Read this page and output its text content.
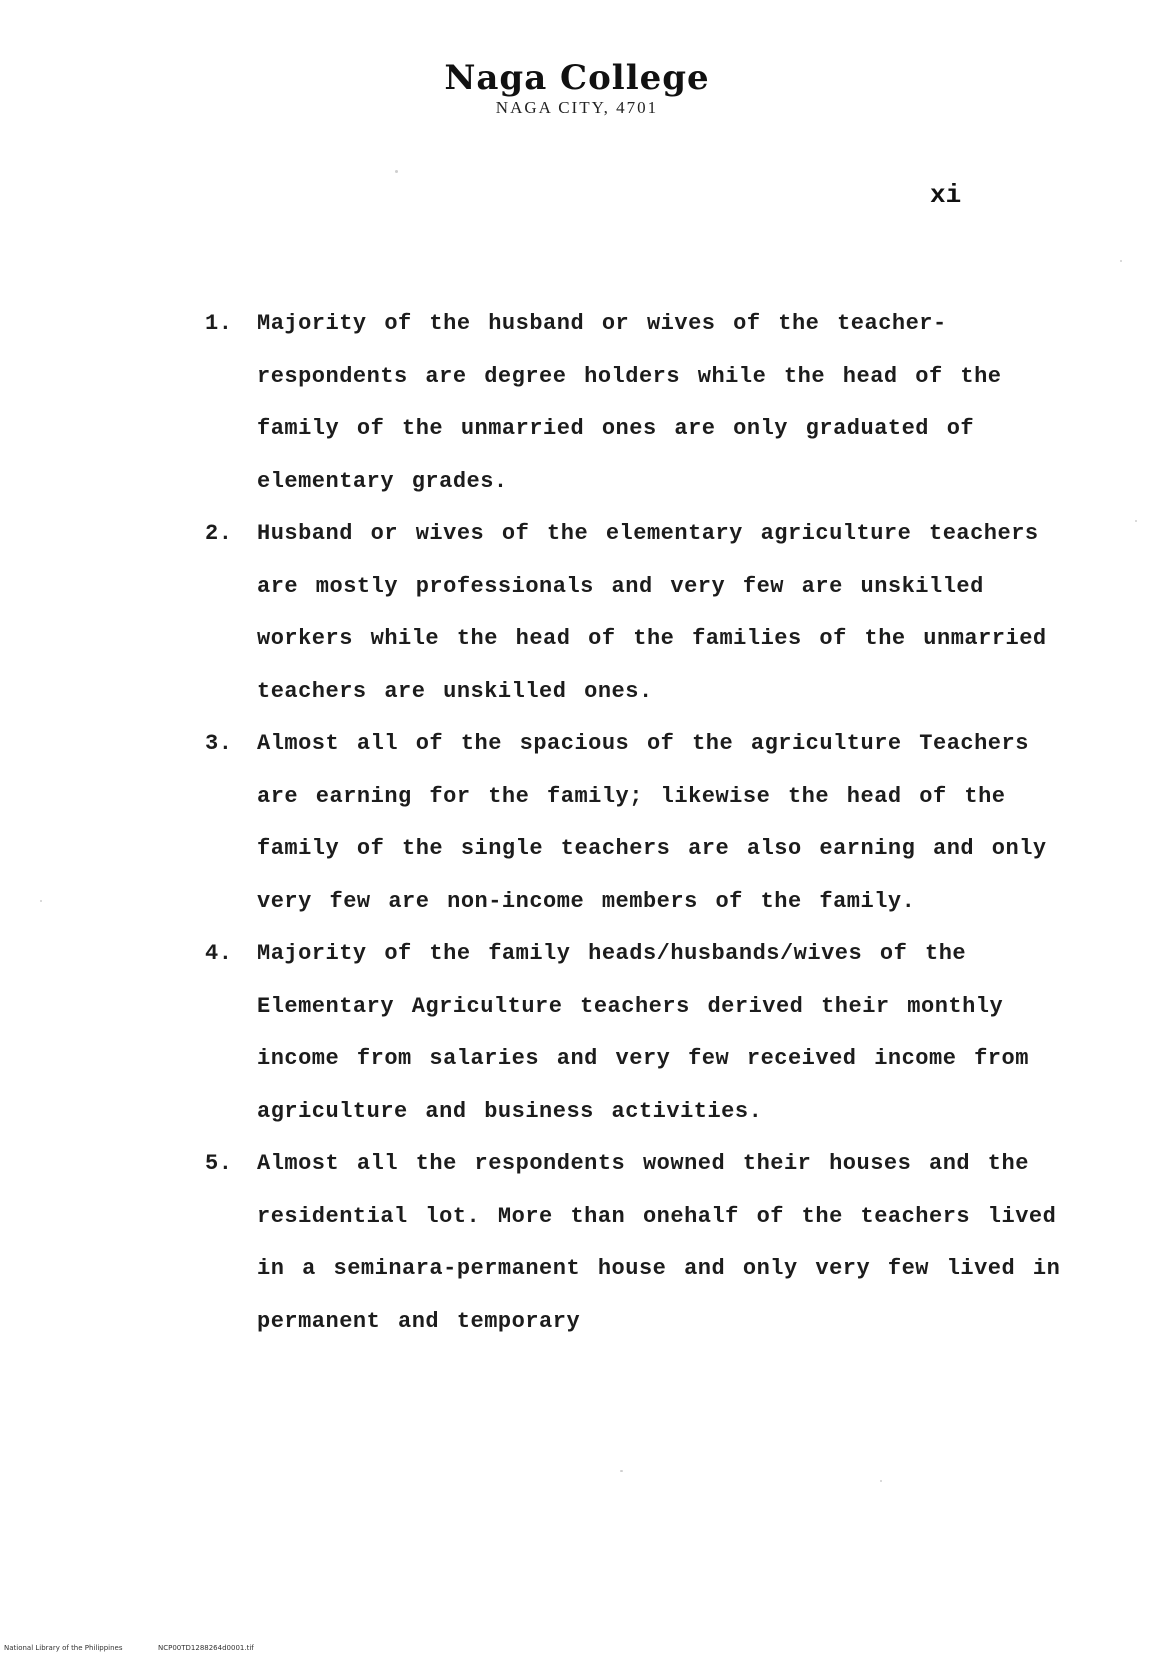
Naga College
NAGA CITY, 4701
xi
1.	Majority of the husband or wives of the teacher-respondents are degree holders while the head of the family of the unmarried ones are only graduated of elementary grades.
2.	Husband or wives of the elementary agriculture teachers are mostly professionals and very few are unskilled workers while the head of the families of the unmarried teachers are unskilled ones.
3.	Almost all of the spacious of the agriculture Teachers are earning for the family; likewise the head of the family of the single teachers are also earning and only very few are non-income members of the family.
4.	Majority of the family heads/husbands/wives of the Elementary Agriculture teachers derived their monthly income from salaries and very few received income from agriculture and business activities.
5.	Almost all the respondents wowned their houses and the residential lot. More than onehalf of the teachers lived in a seminara-permanent house and only very few lived in permanent and temporary
National Library of the Philippines	NCP00TD1288264d0001.tif
